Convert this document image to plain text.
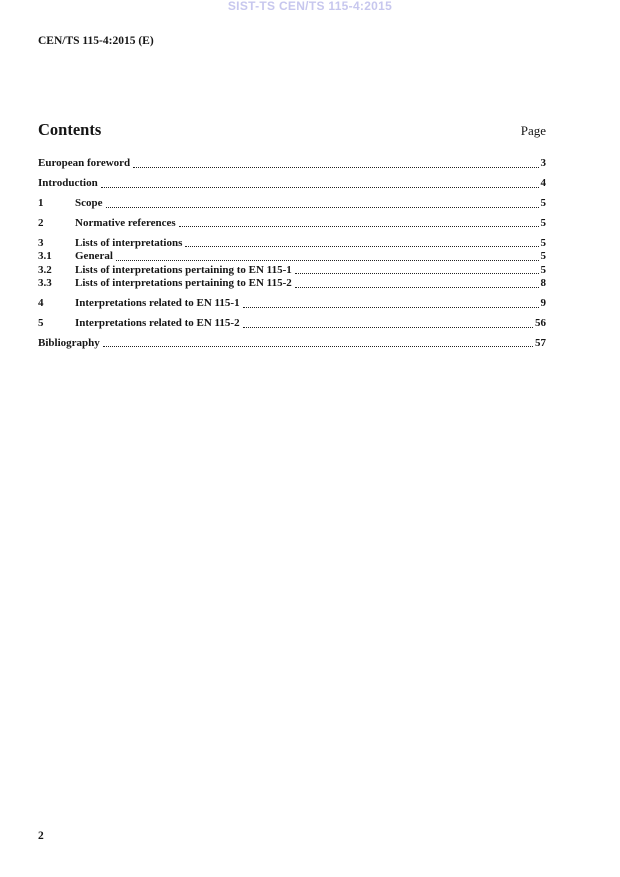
SIST-TS CEN/TS 115-4:2015
CEN/TS 115-4:2015 (E)
Contents	Page
European foreword	3
Introduction	4
1	Scope	5
2	Normative references	5
3	Lists of interpretations	5
3.1	General	5
3.2	Lists of interpretations pertaining to EN 115-1	5
3.3	Lists of interpretations pertaining to EN 115-2	8
4	Interpretations related to EN 115-1	9
5	Interpretations related to EN 115-2	56
Bibliography	57
2
